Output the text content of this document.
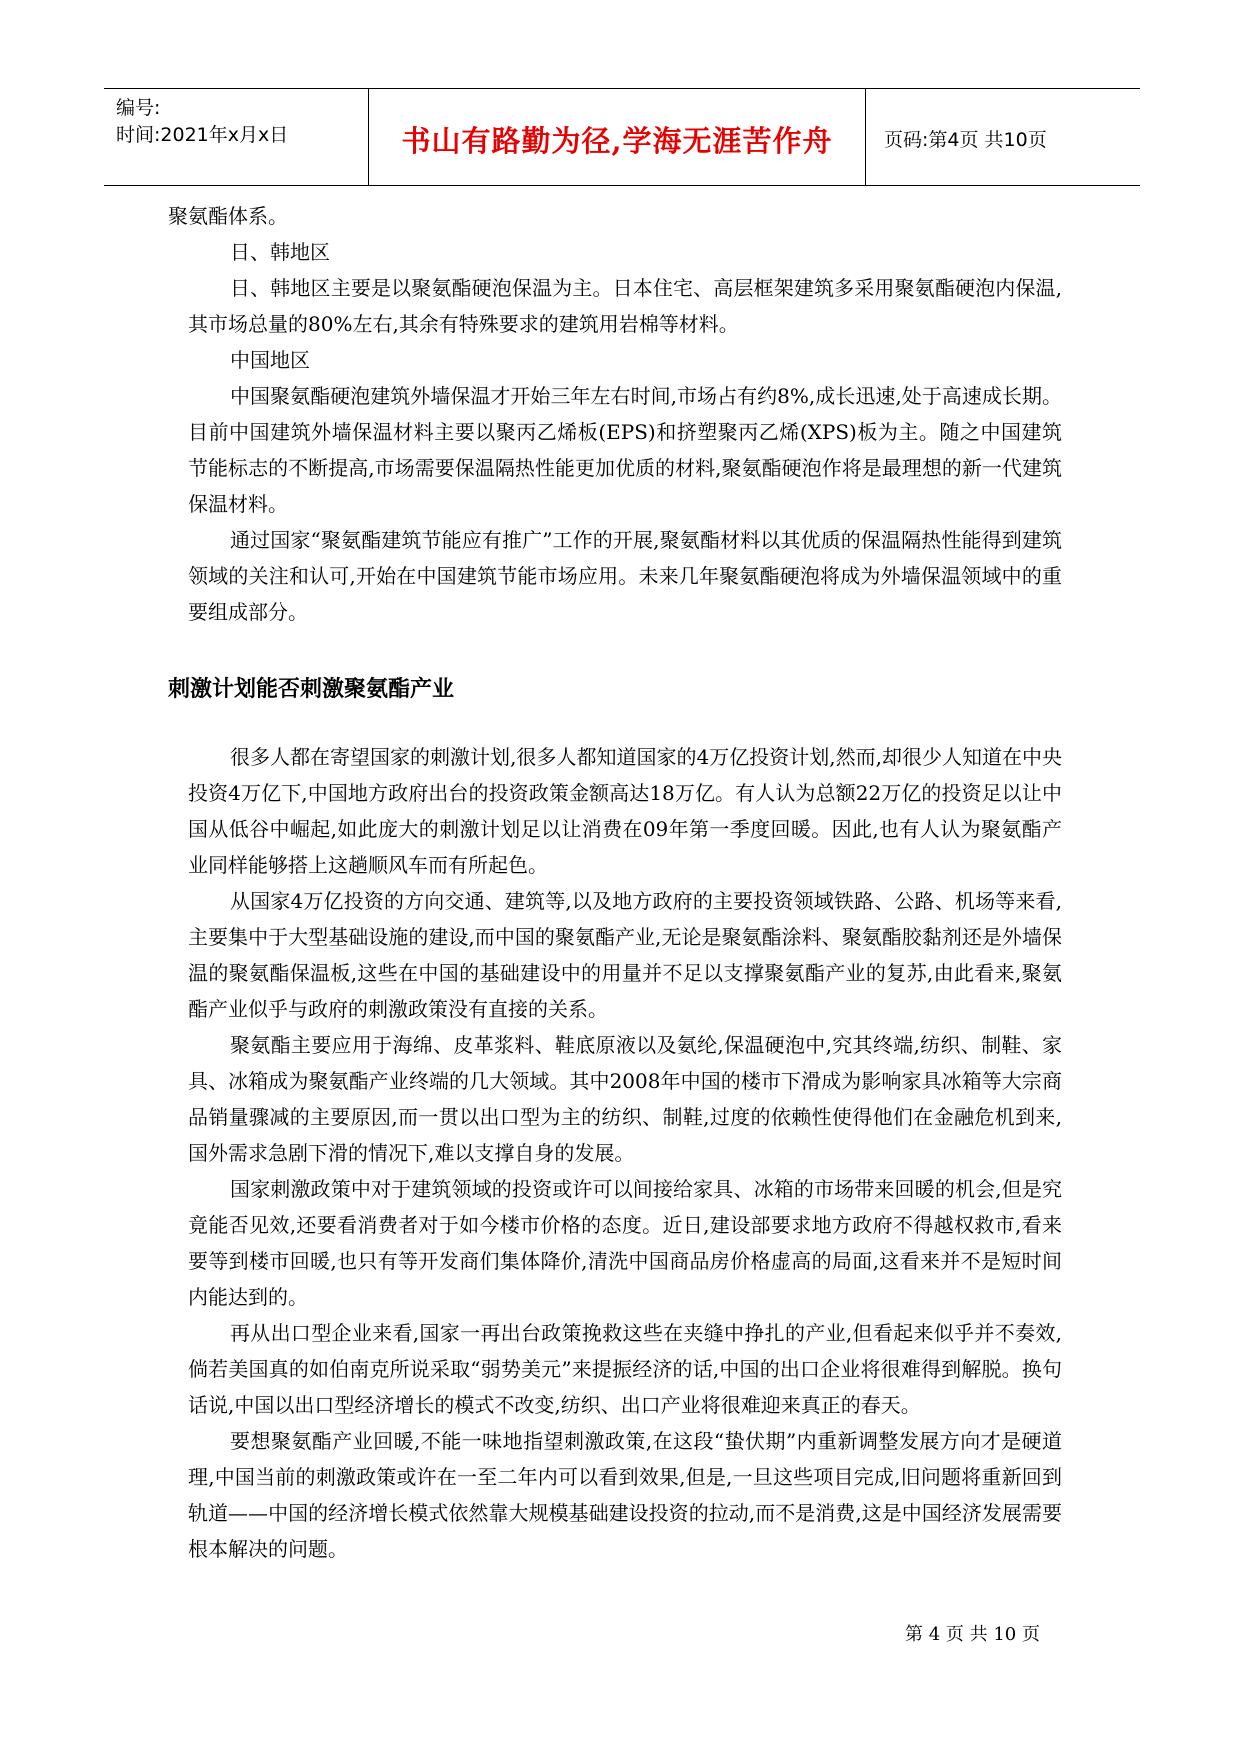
编号:
时间:2021年x月x日	书山有路勤为径,学海无涯苦作舟	页码:第4页 共10页

聚氨酯体系。

日、韩地区

日、韩地区主要是以聚氨酯硬泡保温为主。日本住宅、高层框架建筑多采用聚氨酯硬泡内保温,其市场总量的80%左右,其余有特殊要求的建筑用岩棉等材料。

中国地区

中国聚氨酯硬泡建筑外墙保温才开始三年左右时间,市场占有约8%,成长迅速,处于高速成长期。目前中国建筑外墙保温材料主要以聚丙乙烯板(EPS)和挤塑聚丙乙烯(XPS)板为主。随之中国建筑节能标志的不断提高,市场需要保温隔热性能更加优质的材料,聚氨酯硬泡作将是最理想的新一代建筑保温材料。

通过国家“聚氨酯建筑节能应有推广”工作的开展,聚氨酯材料以其优质的保温隔热性能得到建筑领域的关注和认可,开始在中国建筑节能市场应用。未来几年聚氨酯硬泡将成为外墙保温领域中的重要组成部分。

刺激计划能否刺激聚氨酯产业

很多人都在寄望国家的刺激计划,很多人都知道国家的4万亿投资计划,然而,却很少人知道在中央投资4万亿下,中国地方政府出台的投资政策金额高达18万亿。有人认为总额22万亿的投资足以让中国从低谷中崛起,如此庞大的刺激计划足以让消费在09年第一季度回暖。因此,也有人认为聚氨酯产业同样能够搭上这趟顺风车而有所起色。

从国家4万亿投资的方向交通、建筑等,以及地方政府的主要投资领域铁路、公路、机场等来看,主要集中于大型基础设施的建设,而中国的聚氨酯产业,无论是聚氨酯涂料、聚氨酯胶黏剂还是外墙保温的聚氨酯保温板,这些在中国的基础建设中的用量并不足以支撑聚氨酯产业的复苏,由此看来,聚氨酯产业似乎与政府的刺激政策没有直接的关系。

聚氨酯主要应用于海绵、皮革浆料、鞋底原液以及氨纶,保温硬泡中,究其终端,纺织、制鞋、家具、冰箱成为聚氨酯产业终端的几大领域。其中2008年中国的楼市下滑成为影响家具冰箱等大宗商品销量骤减的主要原因,而一贯以出口型为主的纺织、制鞋,过度的依赖性使得他们在金融危机到来,国外需求急剧下滑的情况下,难以支撑自身的发展。

国家刺激政策中对于建筑领域的投资或许可以间接给家具、冰箱的市场带来回暖的机会,但是究竟能否见效,还要看消费者对于如今楼市价格的态度。近日,建设部要求地方政府不得越权救市,看来要等到楼市回暖,也只有等开发商们集体降价,清洗中国商品房价格虚高的局面,这看来并不是短时间内能达到的。

再从出口型企业来看,国家一再出台政策挽救这些在夹缝中挣扎的产业,但看起来似乎并不奏效,倘若美国真的如伯南克所说采取“弱势美元”来提振经济的话,中国的出口企业将很难得到解脱。换句话说,中国以出口型经济增长的模式不改变,纺织、出口产业将很难迎来真正的春天。

要想聚氨酯产业回暖,不能一味地指望刺激政策,在这段“蛰伏期”内重新调整发展方向才是硬道理,中国当前的刺激政策或许在一至二年内可以看到效果,但是,一旦这些项目完成,旧问题将重新回到轨道——中国的经济增长模式依然靠大规模基础建设投资的拉动,而不是消费,这是中国经济发展需要根本解决的问题。

第 4 页 共 10 页
